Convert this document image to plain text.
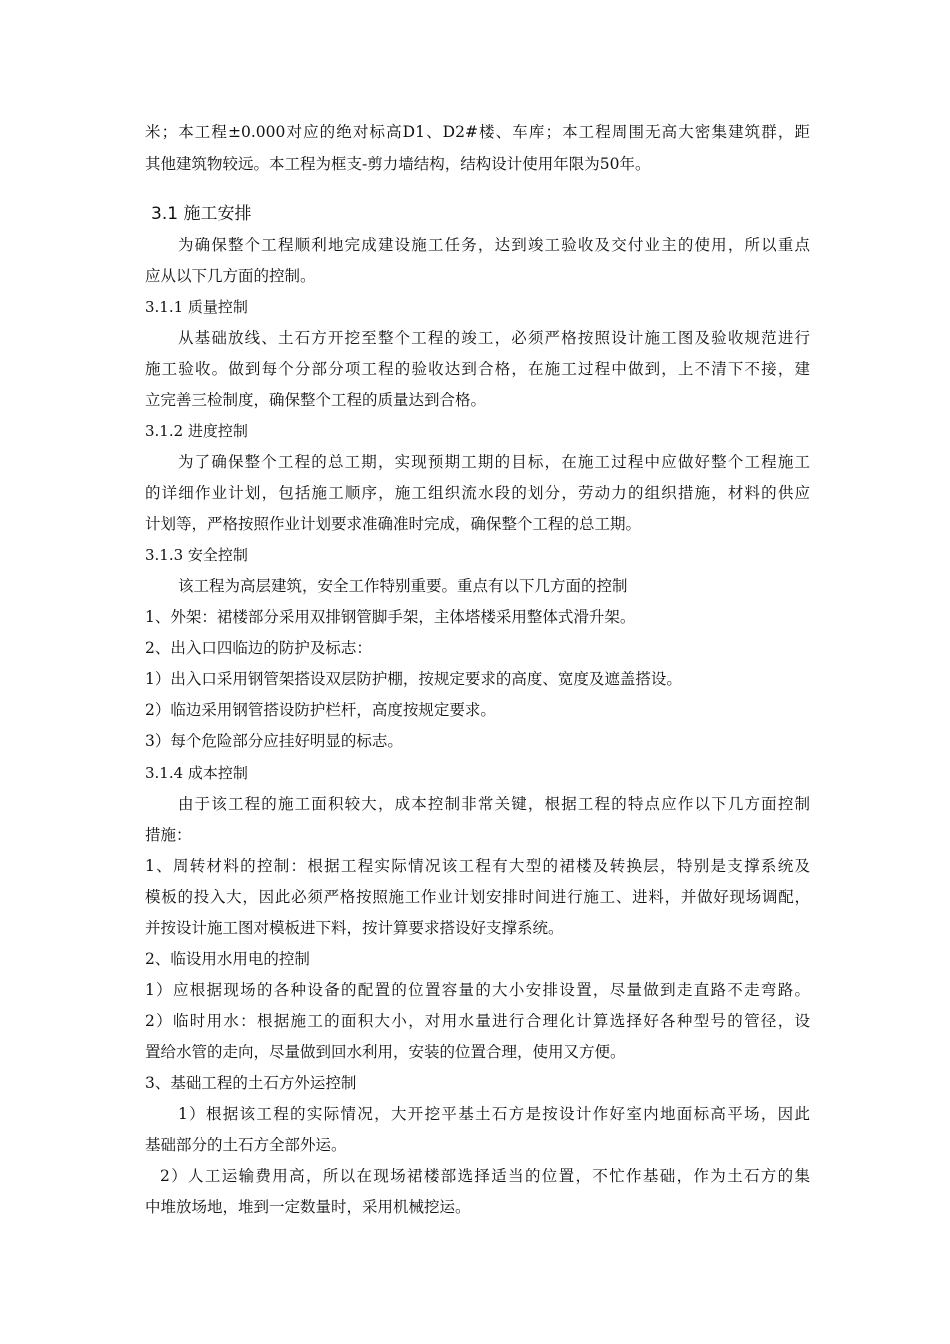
米；本工程±0.000对应的绝对标高D1、D2#楼、车库；本工程周围无高大密集建筑群，距
其他建筑物较远。本工程为框支-剪力墙结构，结构设计使用年限为50年。
3.1 施工安排
为确保整个工程顺利地完成建设施工任务，达到竣工验收及交付业主的使用，所以重点
应从以下几方面的控制。
3.1.1 质量控制
从基础放线、土石方开挖至整个工程的竣工，必须严格按照设计施工图及验收规范进行
施工验收。做到每个分部分项工程的验收达到合格，在施工过程中做到，上不清下不接，建
立完善三检制度，确保整个工程的质量达到合格。
3.1.2 进度控制
为了确保整个工程的总工期，实现预期工期的目标，在施工过程中应做好整个工程施工
的详细作业计划，包括施工顺序，施工组织流水段的划分，劳动力的组织措施，材料的供应
计划等，严格按照作业计划要求准确准时完成，确保整个工程的总工期。
3.1.3 安全控制
该工程为高层建筑，安全工作特别重要。重点有以下几方面的控制
1、外架：裙楼部分采用双排钢管脚手架，主体塔楼采用整体式滑升架。
2、出入口四临边的防护及标志：
1）出入口采用钢管架搭设双层防护棚，按规定要求的高度、宽度及遮盖搭设。
2）临边采用钢管搭设防护栏杆，高度按规定要求。
3）每个危险部分应挂好明显的标志。
3.1.4 成本控制
由于该工程的施工面积较大，成本控制非常关键，根据工程的特点应作以下几方面控制
措施：
1、周转材料的控制：根据工程实际情况该工程有大型的裙楼及转换层，特别是支撑系统及
模板的投入大，因此必须严格按照施工作业计划安排时间进行施工、进料，并做好现场调配，
并按设计施工图对模板进下料，按计算要求搭设好支撑系统。
2、临设用水用电的控制
1）应根据现场的各种设备的配置的位置容量的大小安排设置，尽量做到走直路不走弯路。
2）临时用水：根据施工的面积大小，对用水量进行合理化计算选择好各种型号的管径，设
置给水管的走向，尽量做到回水利用，安装的位置合理，使用又方便。
3、基础工程的土石方外运控制
1）根据该工程的实际情况，大开挖平基土石方是按设计作好室内地面标高平场，因此
基础部分的土石方全部外运。
2）人工运输费用高，所以在现场裙楼部选择适当的位置，不忙作基础，作为土石方的集
中堆放场地，堆到一定数量时，采用机械挖运。
